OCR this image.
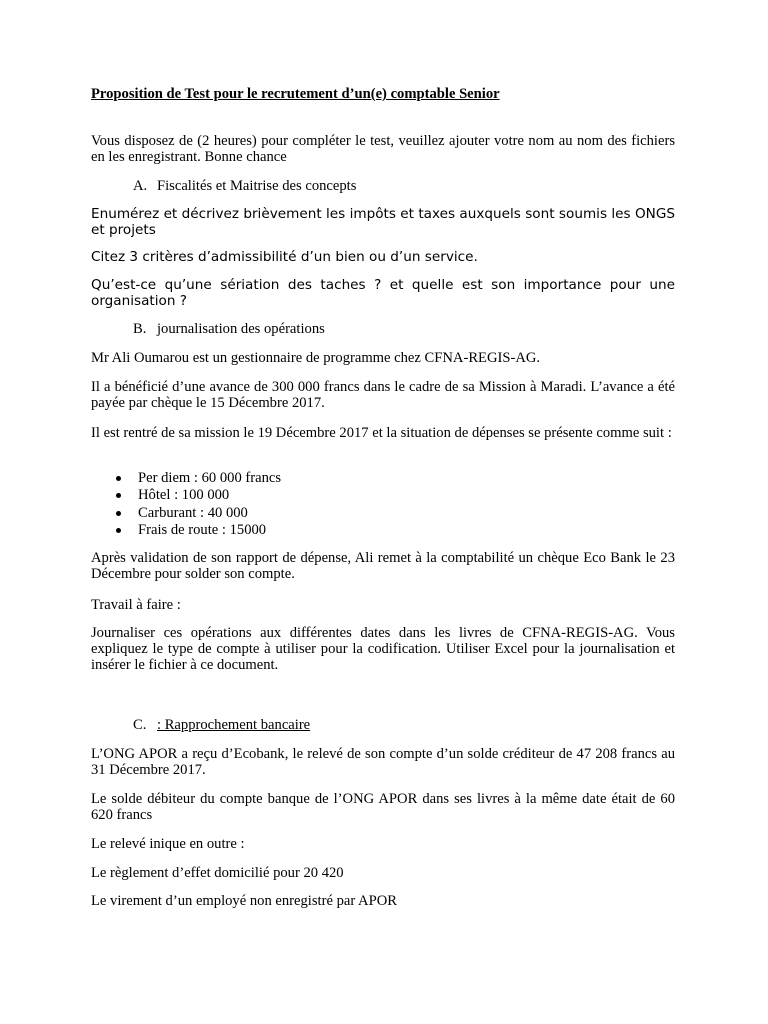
Proposition de Test pour le recrutement d’un(e) comptable Senior

Vous disposez de (2 heures) pour compléter le test, veuillez ajouter votre nom au nom des fichiers en les enregistrant. Bonne chance

A. Fiscalités et Maitrise des concepts

Enumérez et décrivez brièvement les impôts et taxes auxquels sont soumis les ONGS et projets

Citez 3 critères d’admissibilité d’un bien ou d’un service.

Qu’est-ce qu’une sériation des taches ? et quelle est son importance pour une organisation ?

B. journalisation des opérations

Mr Ali Oumarou est un gestionnaire de programme chez CFNA-REGIS-AG.

Il a bénéficié d’une avance de 300 000 francs dans le cadre de sa Mission à Maradi. L’avance a été payée par chèque le 15 Décembre 2017.

Il est rentré de sa mission le 19 Décembre 2017 et la situation de dépenses se présente comme suit :

Per diem : 60 000 francs
Hôtel : 100 000
Carburant : 40 000
Frais de route : 15000

Après validation de son rapport de dépense, Ali remet à la comptabilité un chèque Eco Bank le 23 Décembre pour solder son compte.

Travail à faire :

Journaliser ces opérations aux différentes dates dans les livres de CFNA-REGIS-AG. Vous expliquez le type de compte à utiliser pour la codification. Utiliser Excel pour la journalisation et insérer le fichier à ce document.

C. : Rapprochement bancaire

L’ONG APOR a reçu d’Ecobank, le relevé de son compte d’un solde créditeur de 47 208 francs au 31 Décembre 2017.

Le solde débiteur du compte banque de l’ONG APOR dans ses livres à la même date était de 60 620 francs

Le relevé inique en outre :

Le règlement d’effet domicilié pour 20 420

Le virement d’un employé non enregistré par APOR
